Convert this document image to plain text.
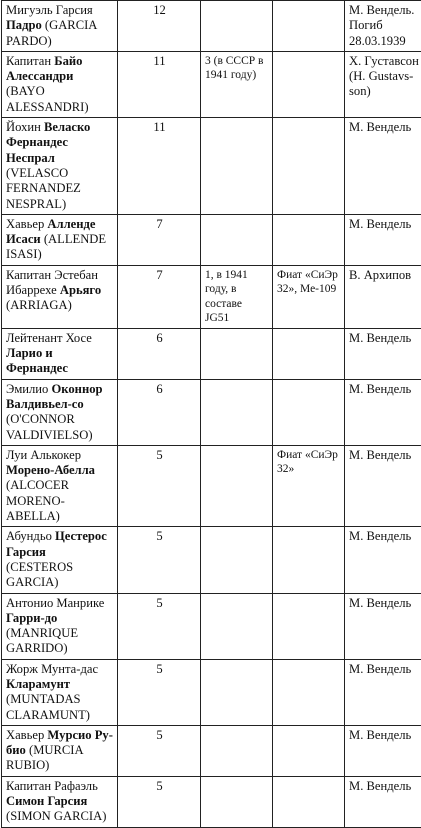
Мигуэль Гарсия Падро (GARCIA PARDO)	12			М. Вендель. Погиб 28.03.1939
Капитан Байо Алессандри (BAYO ALESSANDRI)	11	3 (в СССР в 1941 году)		Х. Густавсон (H. Gustavs-son)
Йохин Веласко Фернандес Неспрал (VELASCO FERNANDEZ NESPRAL)	11			М. Вендель
Хавьер Алленде Исаси (ALLENDE ISASI)	7			М. Вендель
Капитан Эстебан Ибаррехе Арьяго (ARRIAGA)	7	1, в 1941 году, в составе JG51	Фиат «СиЭр 32», Ме-109	В. Архипов
Лейтенант Хосе Ларио и Фернандес	6			М. Вендель
Эмилио Оконнор Валдивьел-со (O'CONNOR VALDIVIELSO)	6			М. Вендель
Луи Алькокер Морено-Абелла (ALCOCER MORENO-ABELLA)	5		Фиат «СиЭр 32»	М. Вендель
Абундьо Цестерос Гарсия (CESTEROS GARCIA)	5			М. Вендель
Антонио Манрике Гарри-до (MANRIQUE GARRIDO)	5			М. Вендель
Жорж Мунта-дас Кларамунт (MUNTADAS CLARAMUNT)	5			М. Вендель
Хавьер Мурсио Ру-био (MURCIA RUBIO)	5			М. Вендель
Капитан Рафаэль Симон Гарсия (SIMON GARCIA)	5			М. Вендель
